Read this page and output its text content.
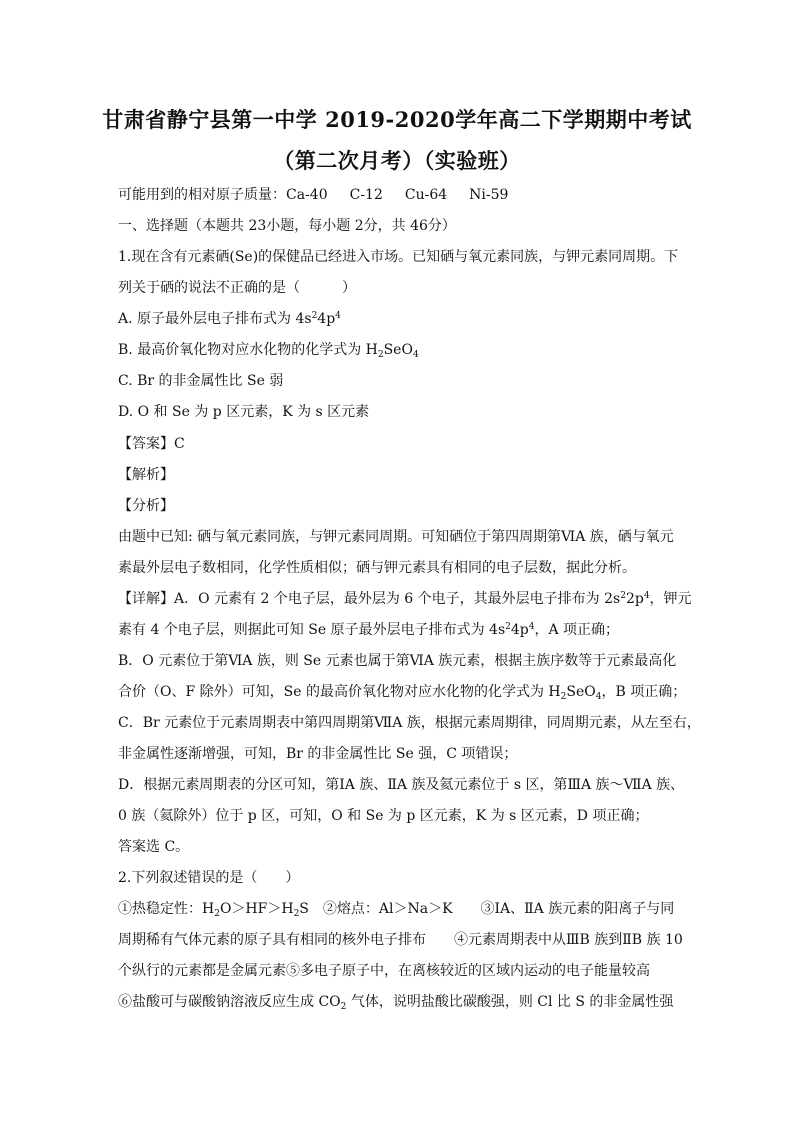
甘肃省静宁县第一中学 2019-2020学年高二下学期期中考试
（第二次月考）（实验班）
可能用到的相对原子质量：Ca-40 C-12 Cu-64 Ni-59
一、选择题（本题共 23小题，每小题 2分，共 46分）
1.现在含有元素硒(Se)的保健品已经进入市场。已知硒与氧元素同族，与钾元素同周期。下
列关于硒的说法不正确的是（　　　）
A. 原子最外层电子排布式为 $4s^24p^4$
B. 最高价氧化物对应水化物的化学式为 $H_2SeO_4$
C. Br 的非金属性比 Se 弱
D. O 和 Se 为 p 区元素，K 为 s 区元素
【答案】C
【解析】
【分析】
由题中已知: 硒与氧元素同族，与钾元素同周期。可知硒位于第四周期第ⅥA 族，硒与氧元
素最外层电子数相同，化学性质相似；硒与钾元素具有相同的电子层数，据此分析。
【详解】A．O 元素有 2 个电子层，最外层为 6 个电子，其最外层电子排布为 $2s^22p^4$，钾元
素有 4 个电子层，则据此可知 Se 原子最外层电子排布式为 $4s^24p^4$，A 项正确；
B．O 元素位于第ⅥA 族，则 Se 元素也属于第ⅥA 族元素，根据主族序数等于元素最高化
合价（O、F 除外）可知，Se 的最高价氧化物对应水化物的化学式为 $H_2SeO_4$，B 项正确；
C．Br 元素位于元素周期表中第四周期第ⅦA 族，根据元素周期律，同周期元素，从左至右，
非金属性逐渐增强，可知，Br 的非金属性比 Se 强，C 项错误；
D．根据元素周期表的分区可知，第ⅠA 族、ⅡA 族及氦元素位于 s 区，第ⅢA 族～ⅦA 族、
0 族（氦除外）位于 p 区，可知，O 和 Se 为 p 区元素，K 为 s 区元素，D 项正确；
答案选 C。
2.下列叙述错误的是（　　）
①热稳定性：$H_2O>HF>H_2S$　②熔点：Al＞Na＞K　　③ⅠA、ⅡA 族元素的阳离子与同
周期稀有气体元素的原子具有相同的核外电子排布　　④元素周期表中从ⅢB 族到ⅡB 族 10
个纵行的元素都是金属元素⑤多电子原子中，在离核较近的区域内运动的电子能量较高
⑥盐酸可与碳酸钠溶液反应生成 $CO_2$ 气体，说明盐酸比碳酸强，则 Cl 比 S 的非金属性强
